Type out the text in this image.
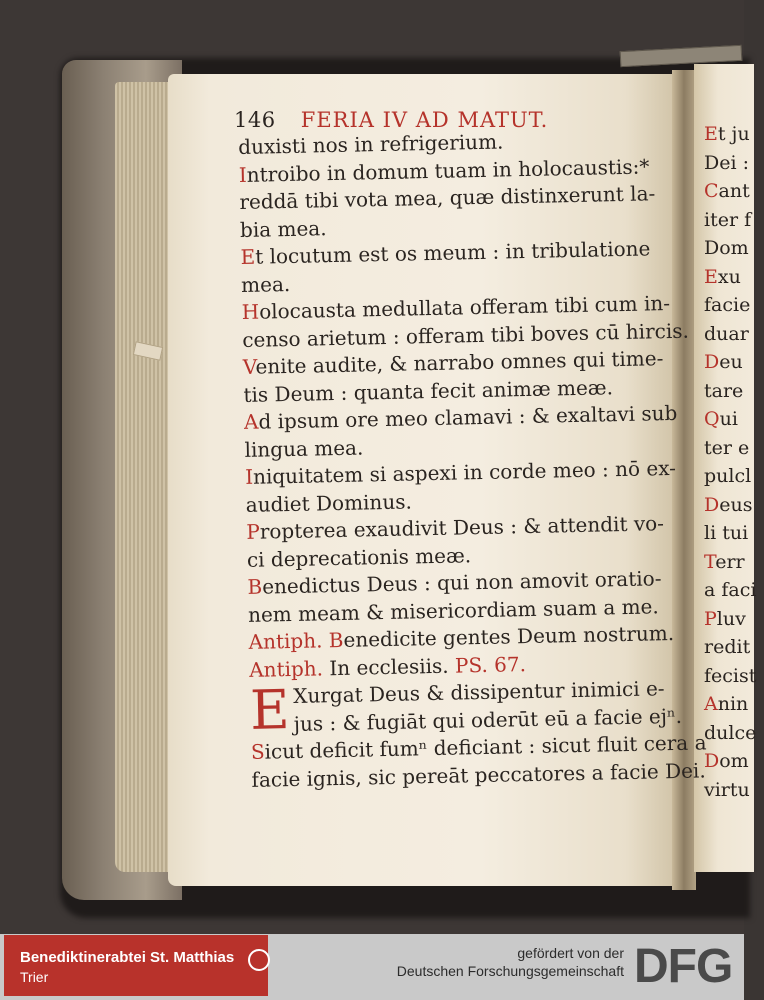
146 FERIA IV AD MATUT.
duxisti nos in refrigerium.
Introibo in domum tuam in holocaustis:*
reddā tibi vota mea, quæ distinxerunt la-
bia mea.
Et locutum est os meum : in tribulatione
mea.
Holocausta medullata offeram tibi cum in-
censo arietum : offeram tibi boves cū hircis.
Venite audite, & narrabo omnes qui time-
tis Deum : quanta fecit animæ meæ.
Ad ipsum ore meo clamavi : & exaltavi sub
lingua mea.
Iniquitatem si aspexi in corde meo : nō ex-
audiet Dominus.
Propterea exaudivit Deus : & attendit vo-
ci deprecationis meæ.
Benedictus Deus : qui non amovit oratio-
nem meam & misericordiam suam a me.
Antiph. Benedicite gentes Deum nostrum.
Antiph. In ecclesiis. PS. 67.
E Xurgat Deus & dissipentur inimici e-
jus : & fugiāt qui oderūt eū a facie ejⁿ.
Sicut deficit fumⁿ deficiant : sicut fluit cera a
facie ignis, sic pereāt peccatores a facie Dei.
Et ju
Dei :
Cant
iter f
Dom
Exu
facie
duar
Deu
tare
Qui
ter e
pulcl
Deus
li tui
Terr
a faci
Pluv
redit
fecist
Anin
dulce
Dom
virtu
Benediktinerabtei St. Matthias
Trier
gefördert von der
Deutschen Forschungsgemeinschaft DFG
